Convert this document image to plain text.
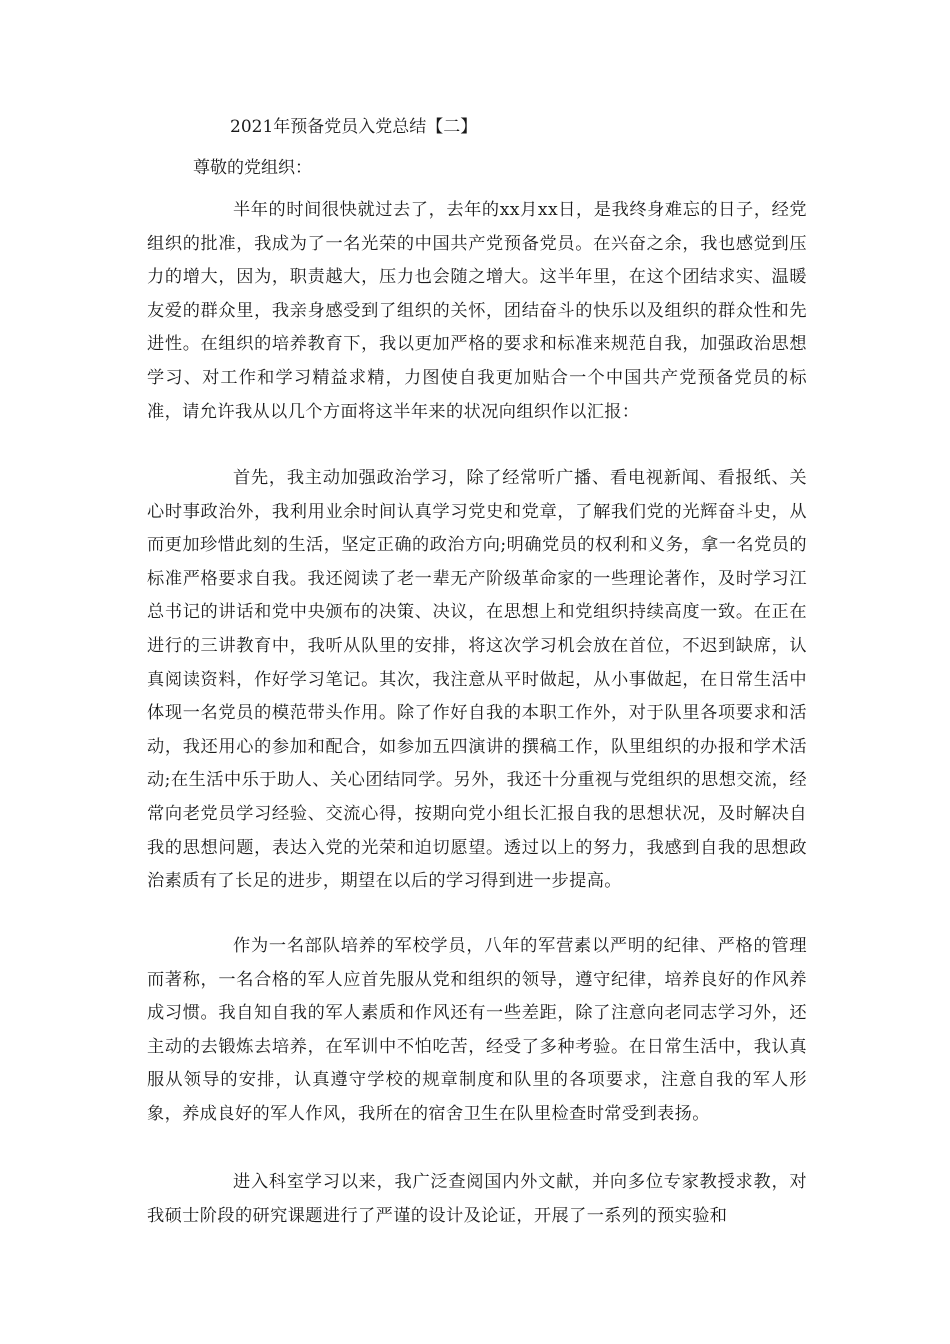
2021年预备党员入党总结【二】
尊敬的党组织：

半年的时间很快就过去了，去年的xx月xx日，是我终身难忘的日子，经党组织的批准，我成为了一名光荣的中国共产党预备党员。在兴奋之余，我也感觉到压力的增大，因为，职责越大，压力也会随之增大。这半年里，在这个团结求实、温暖友爱的群众里，我亲身感受到了组织的关怀，团结奋斗的快乐以及组织的群众性和先进性。在组织的培养教育下，我以更加严格的要求和标准来规范自我，加强政治思想学习、对工作和学习精益求精，力图使自我更加贴合一个中国共产党预备党员的标准，请允许我从以几个方面将这半年来的状况向组织作以汇报：

首先，我主动加强政治学习，除了经常听广播、看电视新闻、看报纸、关心时事政治外，我利用业余时间认真学习党史和党章，了解我们党的光辉奋斗史，从而更加珍惜此刻的生活，坚定正确的政治方向;明确党员的权利和义务，拿一名党员的标准严格要求自我。我还阅读了老一辈无产阶级革命家的一些理论著作，及时学习江总书记的讲话和党中央颁布的决策、决议，在思想上和党组织持续高度一致。在正在进行的三讲教育中，我听从队里的安排，将这次学习机会放在首位，不迟到缺席，认真阅读资料，作好学习笔记。其次，我注意从平时做起，从小事做起，在日常生活中体现一名党员的模范带头作用。除了作好自我的本职工作外，对于队里各项要求和活动，我还用心的参加和配合，如参加五四演讲的撰稿工作，队里组织的办报和学术活动;在生活中乐于助人、关心团结同学。另外，我还十分重视与党组织的思想交流，经常向老党员学习经验、交流心得，按期向党小组长汇报自我的思想状况，及时解决自我的思想问题，表达入党的光荣和迫切愿望。透过以上的努力，我感到自我的思想政治素质有了长足的进步，期望在以后的学习得到进一步提高。

作为一名部队培养的军校学员，八年的军营素以严明的纪律、严格的管理而著称，一名合格的军人应首先服从党和组织的领导，遵守纪律，培养良好的作风养成习惯。我自知自我的军人素质和作风还有一些差距，除了注意向老同志学习外，还主动的去锻炼去培养，在军训中不怕吃苦，经受了多种考验。在日常生活中，我认真服从领导的安排，认真遵守学校的规章制度和队里的各项要求，注意自我的军人形象，养成良好的军人作风，我所在的宿舍卫生在队里检查时常受到表扬。

进入科室学习以来，我广泛查阅国内外文献，并向多位专家教授求教，对我硕士阶段的研究课题进行了严谨的设计及论证，开展了一系列的预实验和
